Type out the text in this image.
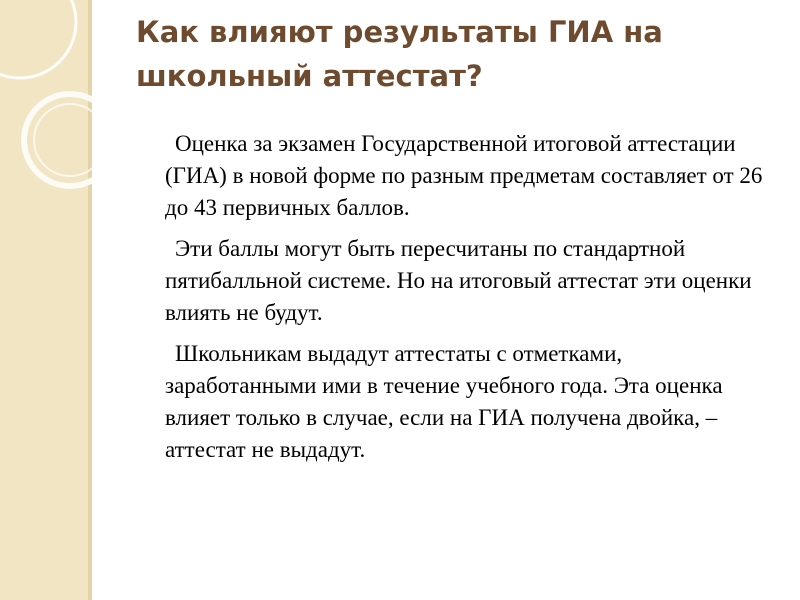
Как влияют результаты ГИА на школьный аттестат?

Оценка за экзамен Государственной итоговой аттестации (ГИА) в новой форме по разным предметам составляет от 26 до 43 первичных баллов.

Эти баллы могут быть пересчитаны по стандартной пятибалльной системе. Но на итоговый аттестат эти оценки влиять не будут.

Школьникам выдадут аттестаты с отметками, заработанными ими в течение учебного года. Эта оценка влияет только в случае, если на ГИА получена двойка, – аттестат не выдадут.
